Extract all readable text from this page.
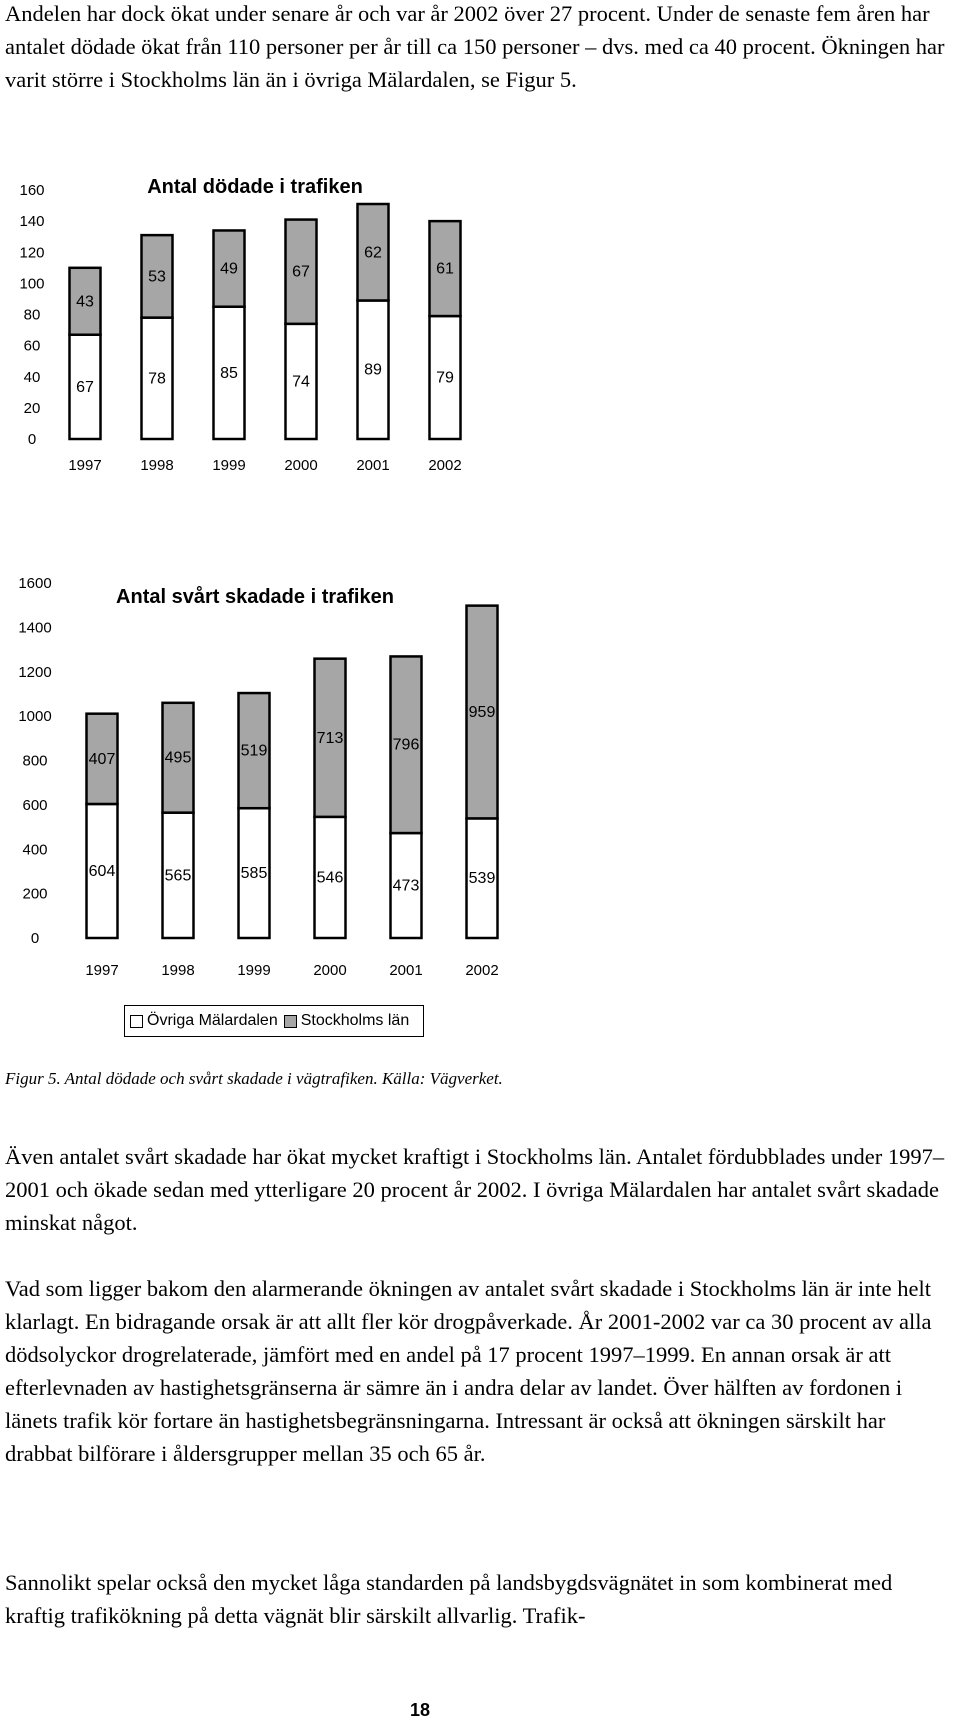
Andelen har dock ökat under senare år och var år 2002 över 27 procent. Under de senaste fem åren har antalet dödade ökat från 110 personer per år till ca 150 personer – dvs. med ca 40 procent. Ökningen har varit större i Stockholms län än i övriga Mälardalen, se Figur 5.

Antal dödade i trafiken
67
43
78
53
85
49
74
67
89
62
79
61
0
20
40
60
80
100
120
140
160
1997	1998	1999	2000	2001	2002
Antal svårt skadade i trafiken
604
407
565
495
585
519
546
713
473
796
539
959
0
200
400
600
800
1000
1200
1400
1600
1997	1998	1999	2000	2001	2002
Övriga Mälardalen Stockholms län

Figur 5. Antal dödade och svårt skadade i vägtrafiken. Källa: Vägverket.

Även antalet svårt skadade har ökat mycket kraftigt i Stockholms län. Antalet fördubblades under 1997–2001 och ökade sedan med ytterligare 20 procent år 2002. I övriga Mälardalen har antalet svårt skadade minskat något.

Vad som ligger bakom den alarmerande ökningen av antalet svårt skadade i Stockholms län är inte helt klarlagt. En bidragande orsak är att allt fler kör drogpåverkade. År 2001-2002 var ca 30 procent av alla dödsolyckor drogrelaterade, jämfört med en andel på 17 procent 1997–1999. En annan orsak är att efterlevnaden av hastighetsgränserna är sämre än i andra delar av landet. Över hälften av fordonen i länets trafik kör fortare än hastighetsbegränsningarna. Intressant är också att ökningen särskilt har drabbat bilförare i åldersgrupper mellan 35 och 65 år.

Sannolikt spelar också den mycket låga standarden på landsbygdsvägnätet in som kombinerat med kraftig trafikökning på detta vägnät blir särskilt allvarlig. Trafik-

18
